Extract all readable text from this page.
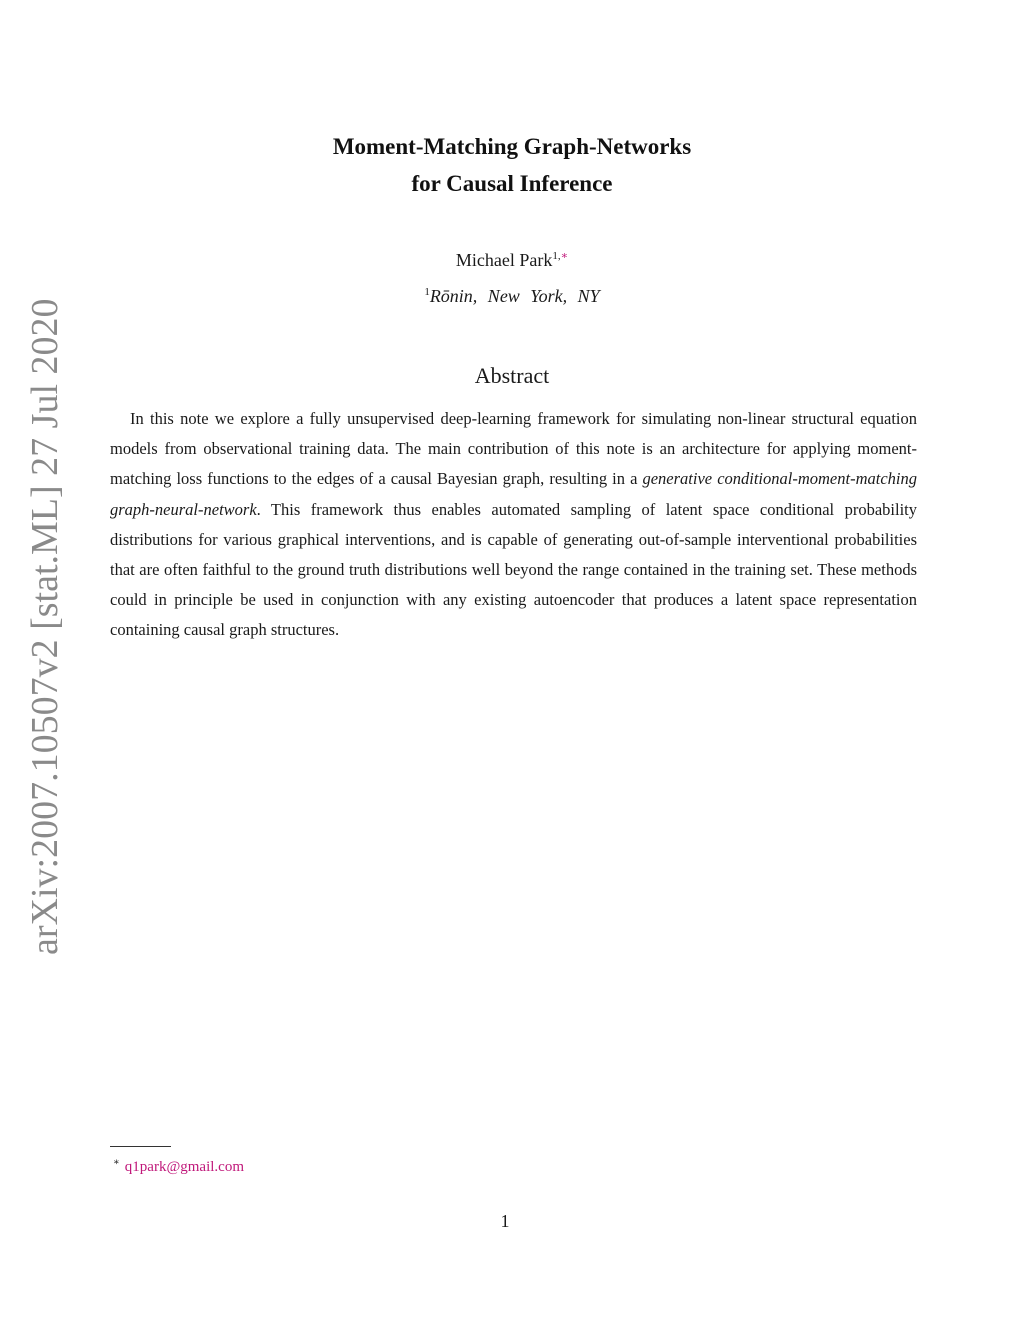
arXiv:2007.10507v2 [stat.ML] 27 Jul 2020
Moment-Matching Graph-Networks
for Causal Inference
Michael Park$^{1,∗}$
$^1$Rōnin, New York, NY
Abstract
In this note we explore a fully unsupervised deep-learning framework for simulating non-linear structural equation models from observational training data. The main contribution of this note is an architecture for applying moment-matching loss functions to the edges of a causal Bayesian graph, resulting in a generative conditional-moment-matching graph-neural-network. This framework thus enables automated sampling of latent space conditional probability distributions for various graphical interventions, and is capable of generating out-of-sample interventional probabilities that are often faithful to the ground truth distributions well beyond the range contained in the training set. These methods could in principle be used in conjunction with any existing autoencoder that produces a latent space representation containing causal graph structures.
∗ q1park@gmail.com
1
